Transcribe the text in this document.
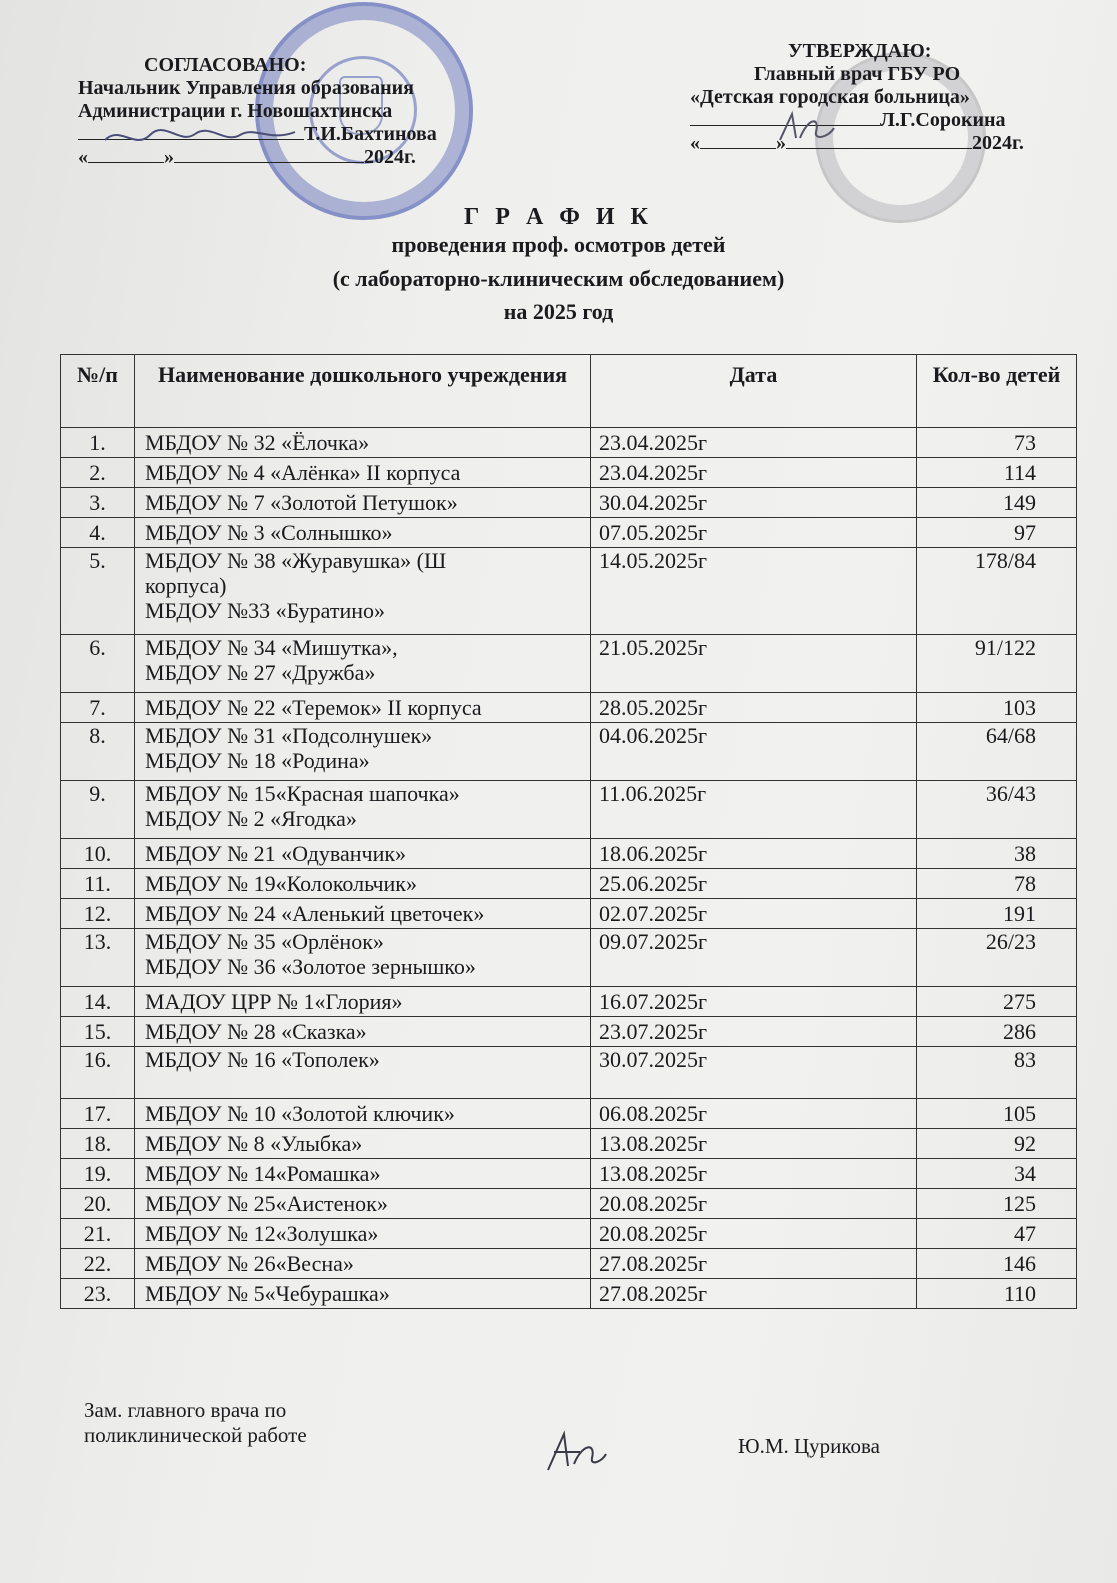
СОГЛАСОВАНО:
Начальник Управления образования
Администрации г. Новошахтинска
Т.И.Бахтинова
«	»	2024г.
УТВЕРЖДАЮ:
Главный врач ГБУ РО
«Детская городская больница»
Л.Г.Сорокина
«	»	2024г.
Г Р А Ф И К
проведения проф. осмотров детей
(с лабораторно-клиническим обследованием)
на 2025 год
№/п	Наименование дошкольного учреждения	Дата	Кол-во детей
1.	МБДОУ № 32 «Ёлочка»	23.04.2025г	73
2.	МБДОУ № 4 «Алёнка» II корпуса	23.04.2025г	114
3.	МБДОУ № 7 «Золотой Петушок»	30.04.2025г	149
4.	МБДОУ № 3 «Солнышко»	07.05.2025г	97
5.	МБДОУ № 38 «Журавушка» (Ш
корпуса)
МБДОУ №33 «Буратино»	14.05.2025г	178/84
6.	МБДОУ № 34 «Мишутка»,
МБДОУ № 27 «Дружба»	21.05.2025г	91/122
7.	МБДОУ № 22 «Теремок» II корпуса	28.05.2025г	103
8.	МБДОУ № 31 «Подсолнушек»
МБДОУ № 18 «Родина»	04.06.2025г	64/68
9.	МБДОУ № 15«Красная шапочка»
МБДОУ № 2 «Ягодка»	11.06.2025г	36/43
10.	МБДОУ № 21 «Одуванчик»	18.06.2025г	38
11.	МБДОУ № 19«Колокольчик»	25.06.2025г	78
12.	МБДОУ № 24 «Аленький цветочек»	02.07.2025г	191
13.	МБДОУ № 35 «Орлёнок»
МБДОУ № 36 «Золотое зернышко»	09.07.2025г	26/23
14.	МАДОУ ЦРР № 1«Глория»	16.07.2025г	275
15.	МБДОУ № 28 «Сказка»	23.07.2025г	286
16.	МБДОУ № 16 «Тополек»	30.07.2025г	83
17.	МБДОУ № 10 «Золотой ключик»	06.08.2025г	105
18.	МБДОУ № 8 «Улыбка»	13.08.2025г	92
19.	МБДОУ № 14«Ромашка»	13.08.2025г	34
20.	МБДОУ № 25«Аистенок»	20.08.2025г	125
21.	МБДОУ № 12«Золушка»	20.08.2025г	47
22.	МБДОУ № 26«Весна»	27.08.2025г	146
23.	МБДОУ № 5«Чебурашка»	27.08.2025г	110
Зам. главного врача по
поликлинической работе	Ю.М. Цурикова
